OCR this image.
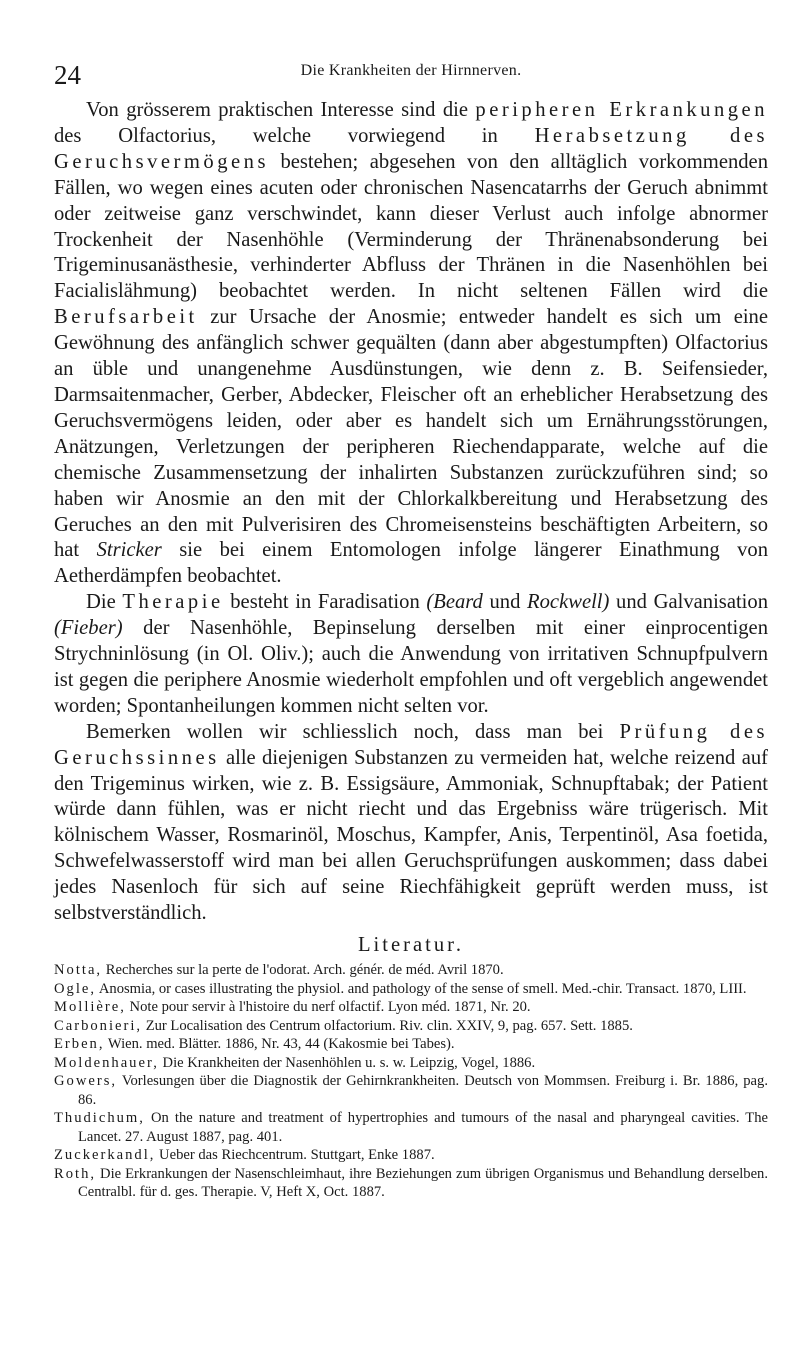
24	Die Krankheiten der Hirnnerven.

Von grösserem praktischen Interesse sind die peripheren Erkrankungen des Olfactorius, welche vorwiegend in Herabsetzung des Geruchsvermögens bestehen; abgesehen von den alltäglich vorkommenden Fällen, wo wegen eines acuten oder chronischen Nasencatarrhs der Geruch abnimmt oder zeitweise ganz verschwindet, kann dieser Verlust auch infolge abnormer Trockenheit der Nasenhöhle (Verminderung der Thränenabsonderung bei Trigeminusanästhesie, verhinderter Abfluss der Thränen in die Nasenhöhlen bei Facialislähmung) beobachtet werden. In nicht seltenen Fällen wird die Berufsarbeit zur Ursache der Anosmie; entweder handelt es sich um eine Gewöhnung des anfänglich schwer gequälten (dann aber abgestumpften) Olfactorius an üble und unangenehme Ausdünstungen, wie denn z. B. Seifensieder, Darmsaitenmacher, Gerber, Abdecker, Fleischer oft an erheblicher Herabsetzung des Geruchsvermögens leiden, oder aber es handelt sich um Ernährungsstörungen, Anätzungen, Verletzungen der peripheren Riechendapparate, welche auf die chemische Zusammensetzung der inhalirten Substanzen zurückzuführen sind; so haben wir Anosmie an den mit der Chlorkalkbereitung und Herabsetzung des Geruches an den mit Pulverisiren des Chromeisensteins beschäftigten Arbeitern, so hat Stricker sie bei einem Entomologen infolge längerer Einathmung von Aetherdämpfen beobachtet.

Die Therapie besteht in Faradisation (Beard und Rockwell) und Galvanisation (Fieber) der Nasenhöhle, Bepinselung derselben mit einer einprocentigen Strychninlösung (in Ol. Oliv.); auch die Anwendung von irritativen Schnupfpulvern ist gegen die periphere Anosmie wiederholt empfohlen und oft vergeblich angewendet worden; Spontanheilungen kommen nicht selten vor.

Bemerken wollen wir schliesslich noch, dass man bei Prüfung des Geruchssinnes alle diejenigen Substanzen zu vermeiden hat, welche reizend auf den Trigeminus wirken, wie z. B. Essigsäure, Ammoniak, Schnupftabak; der Patient würde dann fühlen, was er nicht riecht und das Ergebniss wäre trügerisch. Mit kölnischem Wasser, Rosmarinöl, Moschus, Kampfer, Anis, Terpentinöl, Asa foetida, Schwefelwasserstoff wird man bei allen Geruchsprüfungen auskommen; dass dabei jedes Nasenloch für sich auf seine Riechfähigkeit geprüft werden muss, ist selbstverständlich.

Literatur.

Notta, Recherches sur la perte de l'odorat. Arch. génér. de méd. Avril 1870.

Ogle, Anosmia, or cases illustrating the physiol. and pathology of the sense of smell. Med.-chir. Transact. 1870, LIII.

Mollière, Note pour servir à l'histoire du nerf olfactif. Lyon méd. 1871, Nr. 20.

Carbonieri, Zur Localisation des Centrum olfactorium. Riv. clin. XXIV, 9, pag. 657. Sett. 1885.

Erben, Wien. med. Blätter. 1886, Nr. 43, 44 (Kakosmie bei Tabes).

Moldenhauer, Die Krankheiten der Nasenhöhlen u. s. w. Leipzig, Vogel, 1886.

Gowers, Vorlesungen über die Diagnostik der Gehirnkrankheiten. Deutsch von Mommsen. Freiburg i. Br. 1886, pag. 86.

Thudichum, On the nature and treatment of hypertrophies and tumours of the nasal and pharyngeal cavities. The Lancet. 27. August 1887, pag. 401.

Zuckerkandl, Ueber das Riechcentrum. Stuttgart, Enke 1887.

Roth, Die Erkrankungen der Nasenschleimhaut, ihre Beziehungen zum übrigen Organismus und Behandlung derselben. Centralbl. für d. ges. Therapie. V, Heft X, Oct. 1887.
